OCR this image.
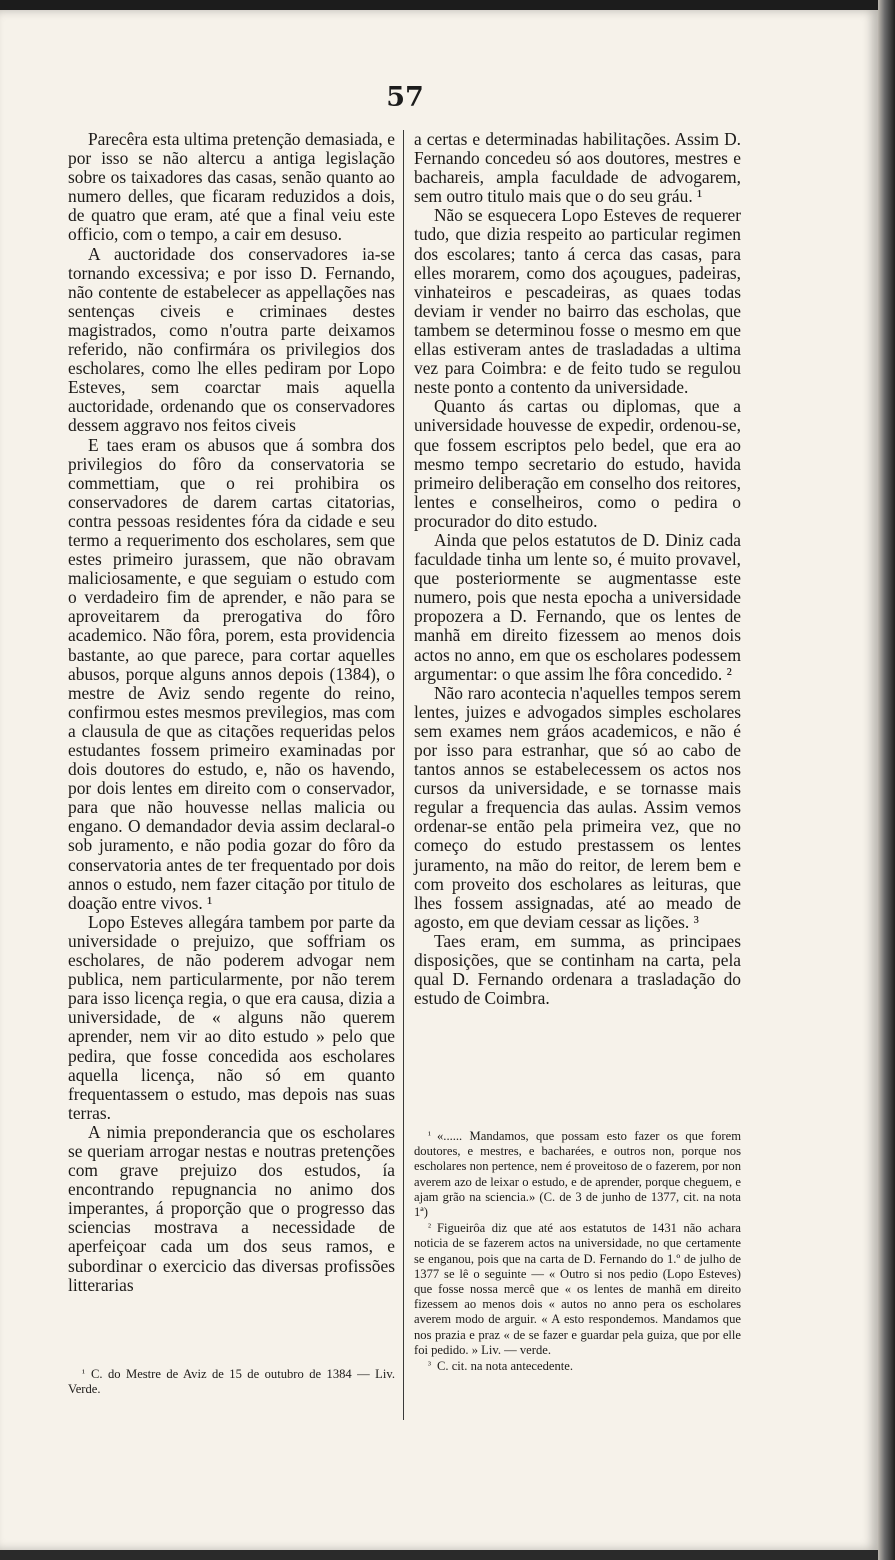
57

Parecêra esta ultima pretenção demasiada, e por isso se não altercu a antiga legislação sobre os taixadores das casas, senão quanto ao numero delles, que ficaram reduzidos a dois, de quatro que eram, até que a final veiu este officio, com o tempo, a cair em desuso.

A auctoridade dos conservadores ia-se tornando excessiva; e por isso D. Fernando, não contente de estabelecer as appellações nas sentenças civeis e criminaes destes magistrados, como n'outra parte deixamos referido, não confirmára os privilegios dos escholares, como lhe elles pediram por Lopo Esteves, sem coarctar mais aquella auctoridade, ordenando que os conservadores dessem aggravo nos feitos civeis

E taes eram os abusos que á sombra dos privilegios do fôro da conservatoria se commettiam, que o rei prohibira os conservadores de darem cartas citatorias, contra pessoas residentes fóra da cidade e seu termo a requerimento dos escholares, sem que estes primeiro jurassem, que não obravam maliciosamente, e que seguiam o estudo com o verdadeiro fim de aprender, e não para se aproveitarem da prerogativa do fôro academico. Não fôra, porem, esta providencia bastante, ao que parece, para cortar aquelles abusos, porque alguns annos depois (1384), o mestre de Aviz sendo regente do reino, confirmou estes mesmos previlegios, mas com a clausula de que as citações requeridas pelos estudantes fossem primeiro examinadas por dois doutores do estudo, e, não os havendo, por dois lentes em direito com o conservador, para que não houvesse nellas malicia ou engano. O demandador devia assim declaral-o sob juramento, e não podia gozar do fôro da conservatoria antes de ter frequentado por dois annos o estudo, nem fazer citação por titulo de doação entre vivos. ¹

Lopo Esteves allegára tambem por parte da universidade o prejuizo, que soffriam os escholares, de não poderem advogar nem publica, nem particularmente, por não terem para isso licença regia, o que era causa, dizia a universidade, de « alguns não querem aprender, nem vir ao dito estudo » pelo que pedira, que fosse concedida aos escholares aquella licença, não só em quanto frequentassem o estudo, mas depois nas suas terras.

A nimia preponderancia que os escholares se queriam arrogar nestas e noutras pretenções com grave prejuizo dos estudos, ía encontrando repugnancia no animo dos imperantes, á proporção que o progresso das sciencias mostrava a necessidade de aperfeiçoar cada um dos seus ramos, e subordinar o exercicio das diversas profissões litterarias

a certas e determinadas habilitações. Assim D. Fernando concedeu só aos doutores, mestres e bachareis, ampla faculdade de advogarem, sem outro titulo mais que o do seu gráu. ¹

Não se esquecera Lopo Esteves de requerer tudo, que dizia respeito ao particular regimen dos escolares; tanto á cerca das casas, para elles morarem, como dos açougues, padeiras, vinhateiros e pescadeiras, as quaes todas deviam ir vender no bairro das escholas, que tambem se determinou fosse o mesmo em que ellas estiveram antes de trasladadas a ultima vez para Coimbra: e de feito tudo se regulou neste ponto a contento da universidade.

Quanto ás cartas ou diplomas, que a universidade houvesse de expedir, ordenou-se, que fossem escriptos pelo bedel, que era ao mesmo tempo secretario do estudo, havida primeiro deliberação em conselho dos reitores, lentes e conselheiros, como o pedira o procurador do dito estudo.

Ainda que pelos estatutos de D. Diniz cada faculdade tinha um lente so, é muito provavel, que posteriormente se augmentasse este numero, pois que nesta epocha a universidade propozera a D. Fernando, que os lentes de manhã em direito fizessem ao menos dois actos no anno, em que os escholares podessem argumentar: o que assim lhe fôra concedido. ²

Não raro acontecia n'aquelles tempos serem lentes, juizes e advogados simples escholares sem exames nem gráos academicos, e não é por isso para estranhar, que só ao cabo de tantos annos se estabelecessem os actos nos cursos da universidade, e se tornasse mais regular a frequencia das aulas. Assim vemos ordenar-se então pela primeira vez, que no começo do estudo prestassem os lentes juramento, na mão do reitor, de lerem bem e com proveito dos escholares as leituras, que lhes fossem assignadas, até ao meado de agosto, em que deviam cessar as lições. ³

Taes eram, em summa, as principaes disposições, que se continham na carta, pela qual D. Fernando ordenara a trasladação do estudo de Coimbra.

¹ C. do Mestre de Aviz de 15 de outubro de 1384 — Liv. Verde.

¹ «...... Mandamos, que possam esto fazer os que forem doutores, e mestres, e bacharées, e outros non, porque nos escholares non pertence, nem é proveitoso de o fazerem, por non averem azo de leixar o estudo, e de aprender, porque cheguem, e ajam grão na sciencia.» (C. de 3 de junho de 1377, cit. na nota 1ª)

² Figueirôa diz que até aos estatutos de 1431 não achara noticia de se fazerem actos na universidade, no que certamente se enganou, pois que na carta de D. Fernando do 1.º de julho de 1377 se lê o seguinte — « Outro si nos pedio (Lopo Esteves) que fosse nossa mercê que « os lentes de manhã em direito fizessem ao menos dois « autos no anno pera os escholares averem modo de arguir. « A esto respondemos. Mandamos que nos prazia e praz « de se fazer e guardar pela guiza, que por elle foi pedido. » Liv. — verde.

³ C. cit. na nota antecedente.
